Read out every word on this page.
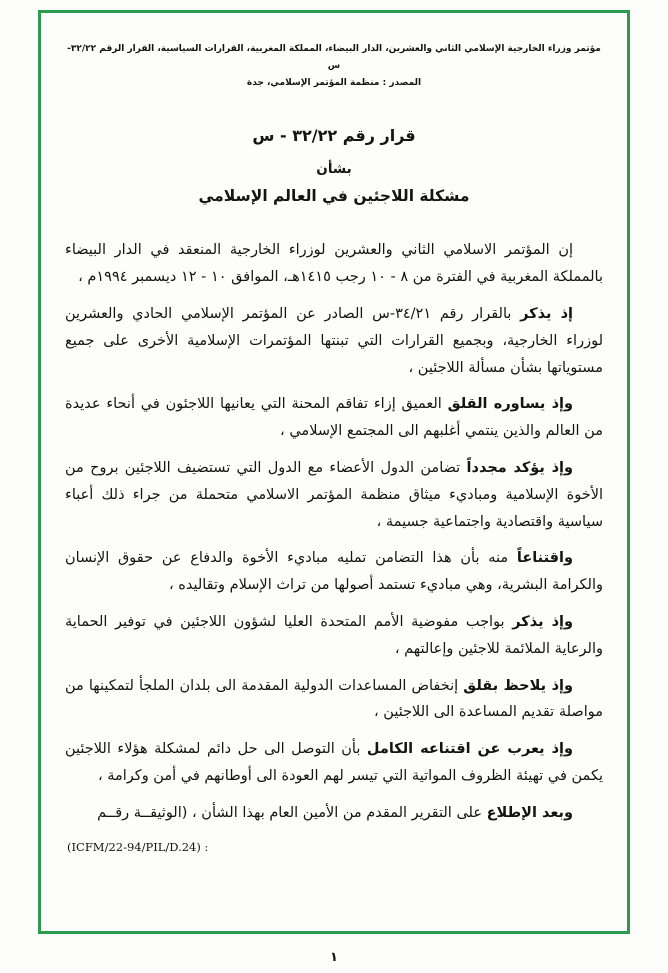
مؤتمر وزراء الخارجية الإسلامي الثاني والعشرين، الدار البيضاء، المملكة المغربية، القرارات السياسية، القرار الرقم ٣٢/٢٢-س
المصدر : منظمة المؤتمر الإسلامي، جدة
قرار رقم ٣٢/٢٢ - س
بشأن
مشكلة اللاجئين في العالم الإسلامي

إن المؤتمر الاسلامي الثاني والعشرين لوزراء الخارجية المنعقد في الدار البيضاء بالمملكة المغربية في الفترة من ٨ - ١٠ رجب ١٤١٥هـ، الموافق ١٠ - ١٢ ديسمبر ١٩٩٤م ،

إذ يذكر بالقرار رقم ٣٤/٢١-س الصادر عن المؤتمر الإسلامي الحادي والعشرين لوزراء الخارجية، وبجميع القرارات التي تبنتها المؤتمرات الإسلامية الأخرى على جميع مستوياتها بشأن مسألة اللاجئين ،

وإذ يساوره القلق العميق إزاء تفاقم المحنة التي يعانيها اللاجئون في أنحاء عديدة من العالم والذين ينتمي أغلبهم الى المجتمع الإسلامي ،

وإذ يؤكد مجدداً تضامن الدول الأعضاء مع الدول التي تستضيف اللاجئين بروح من الأخوة الإسلامية ومباديء ميثاق منظمة المؤتمر الاسلامي متحملة من جراء ذلك أعباء سياسية واقتصادية واجتماعية جسيمة ،

واقتناعاً منه بأن هذا التضامن تمليه مباديء الأخوة والدفاع عن حقوق الإنسان والكرامة البشرية، وهي مباديء تستمد أصولها من تراث الإسلام وتقاليده ،

وإذ يذكر بواجب مفوضية الأمم المتحدة العليا لشؤون اللاجئين في توفير الحماية والرعاية الملائمة للاجئين وإعالتهم ،

وإذ يلاحظ بقلق إنخفاض المساعدات الدولية المقدمة الى بلدان الملجأ لتمكينها من مواصلة تقديم المساعدة الى اللاجئين ،

وإذ يعرب عن اقتناعه الكامل بأن التوصل الى حل دائم لمشكلة هؤلاء اللاجئين يكمن في تهيئة الظروف المواتية التي تيسر لهم العودة الى أوطانهم في أمن وكرامة ،

وبعد الإطلاع على التقرير المقدم من الأمين العام بهذا الشأن ، (الوثيقــة رقــم

(ICFM/22-94/PIL/D.24) :
١
